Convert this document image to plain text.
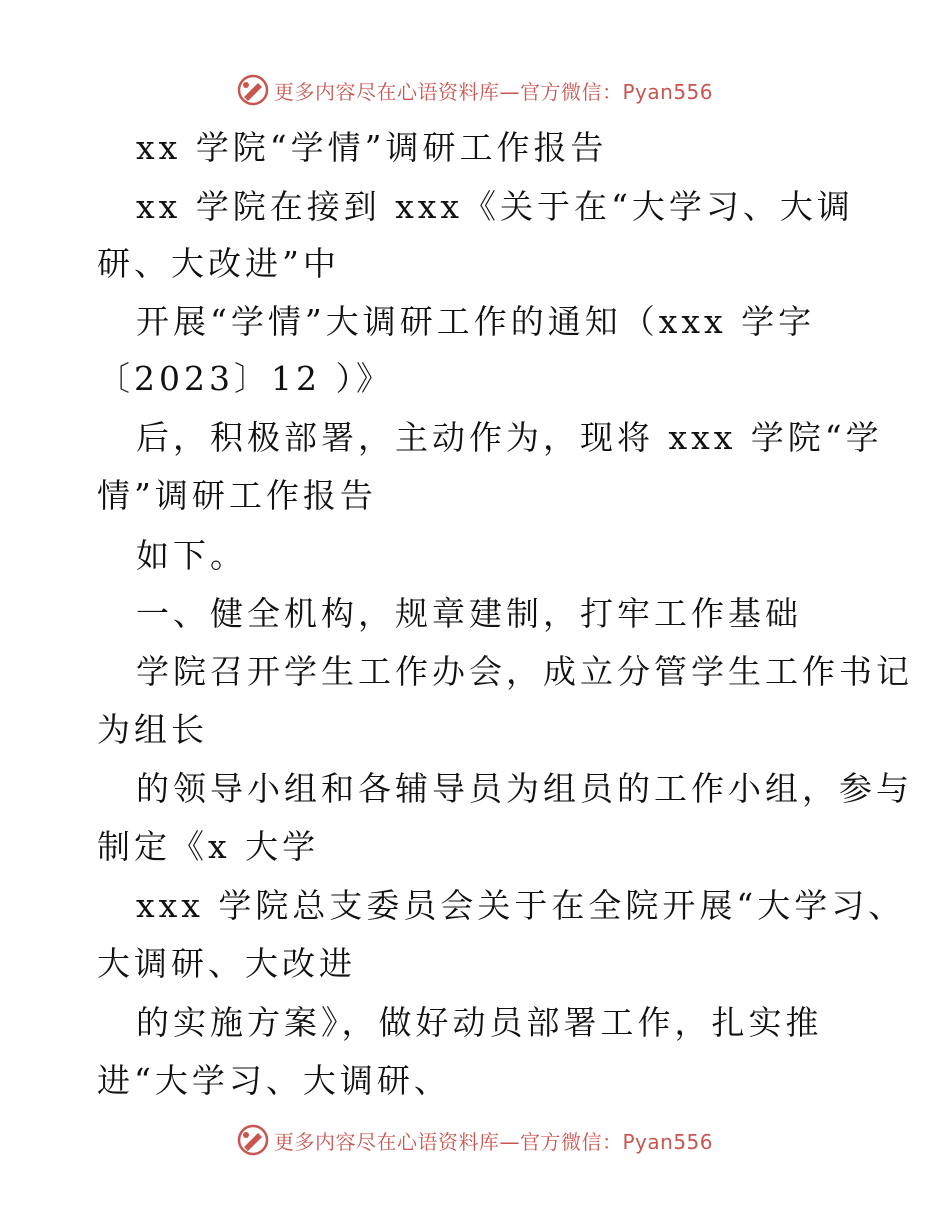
更多内容尽在心语资料库—官方微信：Pyan556
xx 学院“学情”调研工作报告
xx 学院在接到 xxx《关于在“大学习、大调
研、大改进”中
开展“学情”大调研工作的通知（xxx 学字
〔2023〕12 ）》
后，积极部署，主动作为，现将 xxx 学院“学
情”调研工作报告
如下。
一、健全机构，规章建制，打牢工作基础
学院召开学生工作办会，成立分管学生工作书记
为组长
的领导小组和各辅导员为组员的工作小组，参与
制定《x 大学
xxx 学院总支委员会关于在全院开展“大学习、
大调研、大改进
的实施方案》，做好动员部署工作，扎实推
进“大学习、大调研、
更多内容尽在心语资料库—官方微信：Pyan556
